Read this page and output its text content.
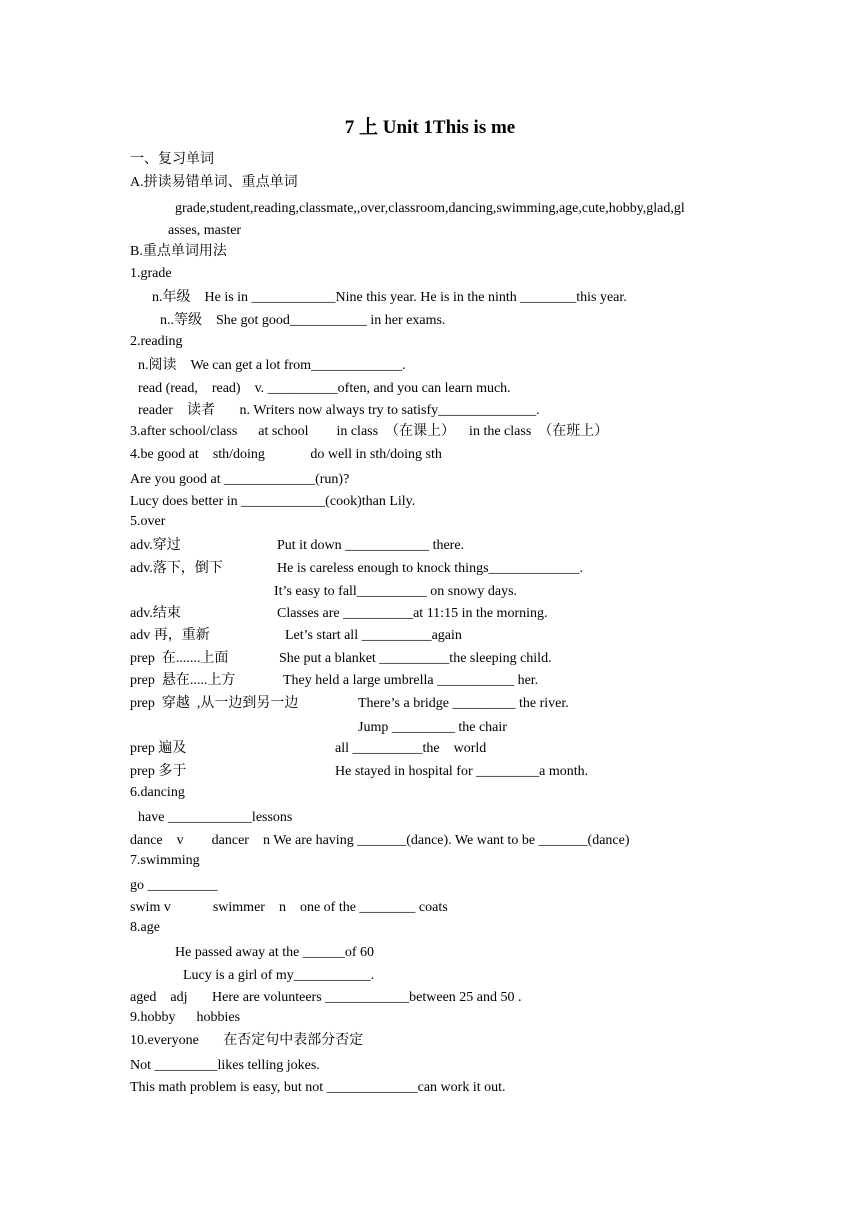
7 上 Unit 1This is me
一、复习单词
A.拼读易错单词、重点单词
grade,student,reading,classmate,,over,classroom,dancing,swimming,age,cute,hobby,glad,gl
asses, master
B.重点单词用法
1.grade
n.年级    He is in ____________Nine this year. He is in the ninth ________this year.
n..等级    She got good___________ in her exams.
2.reading
n.阅读    We can get a lot from_____________.
read (read,    read)    v. __________often, and you can learn much.
reader    读者       n. Writers now always try to satisfy______________.
3.after school/class      at school        in class  （在课上）    in the class  （在班上）
4.be good at    sth/doing             do well in sth/doing sth
Are you good at _____________(run)?
Lucy does better in ____________(cook)than Lily.
5.over
adv.穿过	Put it down ____________ there.
adv.落下，倒下	He is careless enough to knock things_____________.
It’s easy to fall__________ on snowy days.
adv.结束	Classes are __________at 11:15 in the morning.
adv 再，重新	Let’s start all __________again
prep  在.......上面	She put a blanket __________the sleeping child.
prep  悬在.....上方	They held a large umbrella ___________ her.
prep  穿越  ,从一边到另一边	There’s a bridge _________ the river.
Jump _________ the chair
prep 遍及	all __________the    world
prep 多于	He stayed in hospital for _________a month.
6.dancing
have ____________lessons
dance    v        dancer    n We are having _______(dance). We want to be _______(dance)
7.swimming
go __________
swim v            swimmer    n    one of the ________ coats
8.age
He passed away at the ______of 60
Lucy is a girl of my___________.
aged    adj       Here are volunteers ____________between 25 and 50 .
9.hobby      hobbies
10.everyone       在否定句中表部分否定
Not _________likes telling jokes.
This math problem is easy, but not _____________can work it out.
